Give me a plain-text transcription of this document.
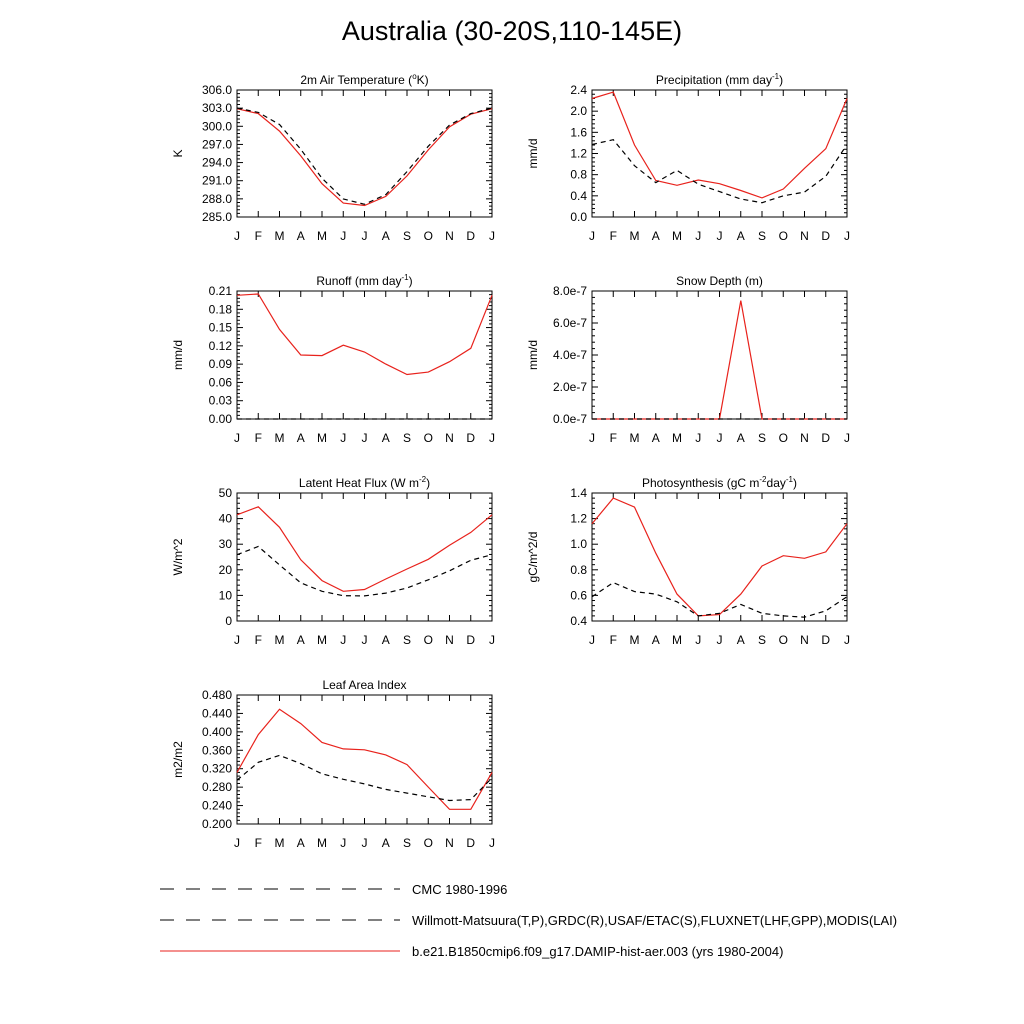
Australia (30-20S,110-145E)
2m Air Temperature ($^o$K)
285.0
288.0
291.0
294.0
297.0
300.0
303.0
306.0
J F M A M J J A S O N D J
K
Precipitation (mm day$^{-1}$)
0.0
0.4
0.8
1.2
1.6
2.0
2.4
J F M A M J J A S O N D J
mm/d
Runoff (mm day$^{-1}$)
0.00
0.03
0.06
0.09
0.12
0.15
0.18
0.21
J F M A M J J A S O N D J
mm/d
Snow Depth (m)
0.0e-7
2.0e-7
4.0e-7
6.0e-7
8.0e-7
J F M A M J J A S O N D J
mm/d
Latent Heat Flux (W $m^{-2}$)
0
10
20
30
40
50
J F M A M J J A S O N D J
W/m^2
Photosynthesis (gC $m^{-2}day^{-1}$)
0.4
0.6
0.8
1.0
1.2
1.4
J F M A M J J A S O N D J
gC/m^2/d
Leaf Area Index
0.200
0.240
0.280
0.320
0.360
0.400
0.440
0.480
J F M A M J J A S O N D J
m2/m2
CMC 1980-1996
Willmott-Matsuura(T,P),GRDC(R),USAF/ETAC(S),FLUXNET(LHF,GPP),MODIS(LAI)
b.e21.B1850cmip6.f09_g17.DAMIP-hist-aer.003 (yrs 1980-2004)
